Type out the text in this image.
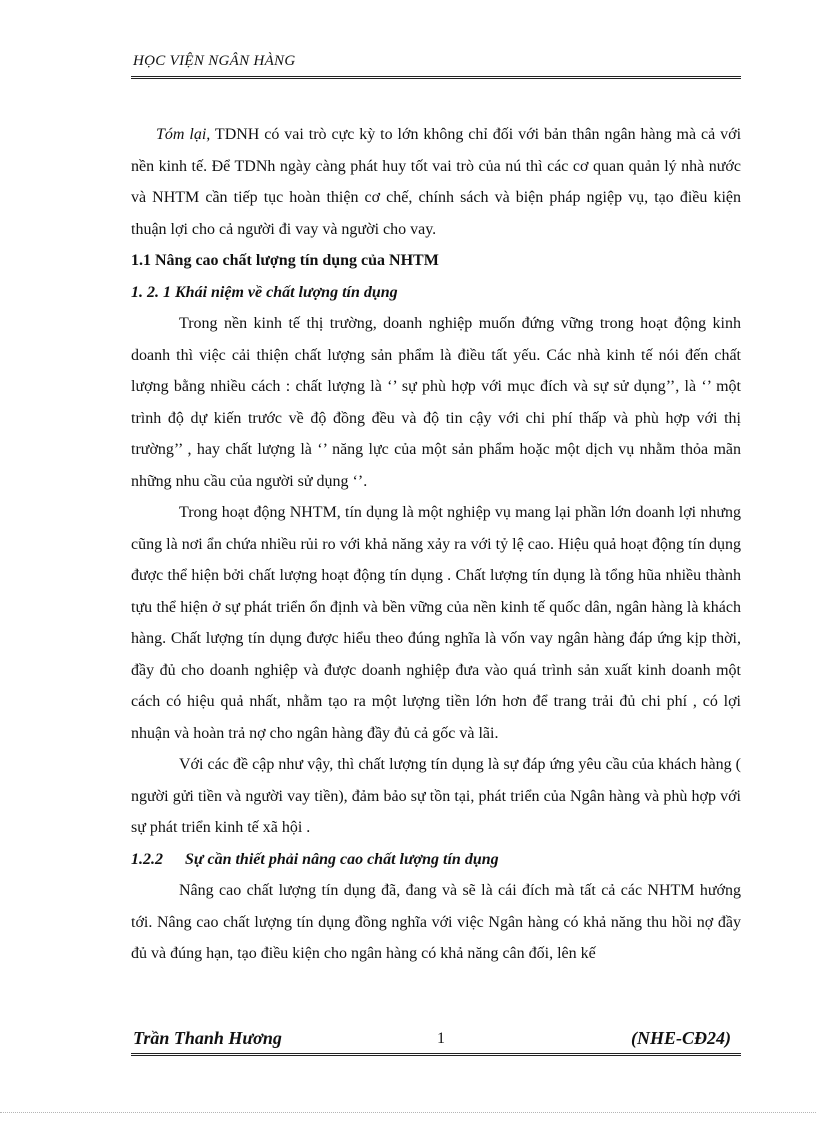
HỌC VIỆN NGÂN HÀNG

Tóm lại, TDNH có vai trò cực kỳ to lớn không chỉ đối với bản thân ngân hàng mà cả với nền kinh tế. Để TDNh ngày càng phát huy tốt vai trò của nú thì các cơ quan quản lý nhà nước và NHTM cần tiếp tục hoàn thiện cơ chế, chính sách và biện pháp ngiệp vụ, tạo điều kiện thuận lợi cho cả người đi vay và người cho vay.

1.1 Nâng cao chất lượng tín dụng của NHTM

1. 2. 1 Khái niệm về chất lượng tín dụng

Trong nền kinh tế thị trường, doanh nghiệp muốn đứng vững trong hoạt động kinh doanh thì việc cải thiện chất lượng sản phẩm là điều tất yếu. Các nhà kinh tế nói đến chất lượng bằng nhiều cách : chất lượng là ‘’ sự phù hợp với mục đích và sự sử dụng’’, là ‘’ một trình độ dự kiến trước về độ đồng đều và độ tin cậy với chi phí thấp và phù hợp với thị trường’’ , hay chất lượng là ‘’ năng lực của một sản phẩm hoặc một dịch vụ nhằm thỏa mãn những nhu cầu của người sử dụng ‘’.

Trong hoạt động NHTM, tín dụng là một nghiệp vụ mang lại phần lớn doanh lợi nhưng cũng là nơi ẩn chứa nhiều rủi ro với khả năng xảy ra với tỷ lệ cao. Hiệu quả hoạt động tín dụng được thể hiện bởi chất lượng hoạt động tín dụng . Chất lượng tín dụng là tổng hũa nhiều thành tựu thể hiện ở sự phát triển ổn định và bền vững của nền kinh tế quốc dân, ngân hàng là khách hàng. Chất lượng tín dụng được hiểu theo đúng nghĩa là vốn vay ngân hàng đáp ứng kịp thời, đầy đủ cho doanh nghiệp và được doanh nghiệp đưa vào quá trình sản xuất kinh doanh một cách có hiệu quả nhất, nhằm tạo ra một lượng tiền lớn hơn để trang trải đủ chi phí , có lợi nhuận và hoàn trả nợ cho ngân hàng đầy đủ cả gốc và lãi.

Với các đề cập như vậy, thì chất lượng tín dụng là sự đáp ứng yêu cầu của khách hàng ( người gửi tiền và người vay tiền), đảm bảo sự tồn tại, phát triển của Ngân hàng và phù hợp với sự phát triển kinh tế xã hội .

1.2.2 Sự cần thiết phải nâng cao chất lượng tín dụng

Nâng cao chất lượng tín dụng đã, đang và sẽ là cái đích mà tất cả các NHTM hướng tới. Nâng cao chất lượng tín dụng đồng nghĩa với việc Ngân hàng có khả năng thu hồi nợ đầy đủ và đúng hạn, tạo điều kiện cho ngân hàng có khả năng cân đối, lên kế

Trần Thanh Hương	1	(NHE-CĐ24)
